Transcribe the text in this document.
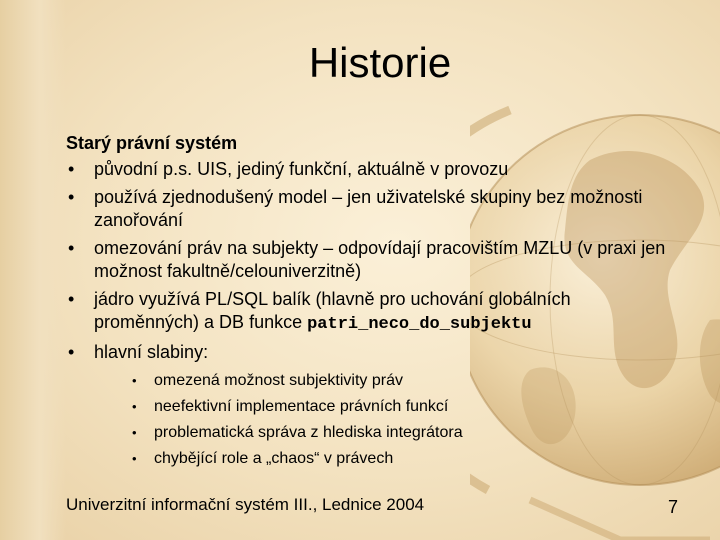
Historie
Starý právní systém
• původní p.s. UIS, jediný funkční, aktuálně v provozu
• používá zjednodušený model – jen uživatelské skupiny bez možnosti zanořování
• omezování práv na subjekty – odpovídají pracovištím MZLU (v praxi jen možnost fakultně/celouniverzitně)
• jádro využívá PL/SQL balík (hlavně pro uchování globálních proměnných) a DB funkce patri_neco_do_subjektu
• hlavní slabiny:
• omezená možnost subjektivity práv
• neefektivní implementace právních funkcí
• problematická správa z hlediska integrátora
• chybějící role a „chaos“ v právech
Univerzitní informační systém III., Lednice 2004	7
